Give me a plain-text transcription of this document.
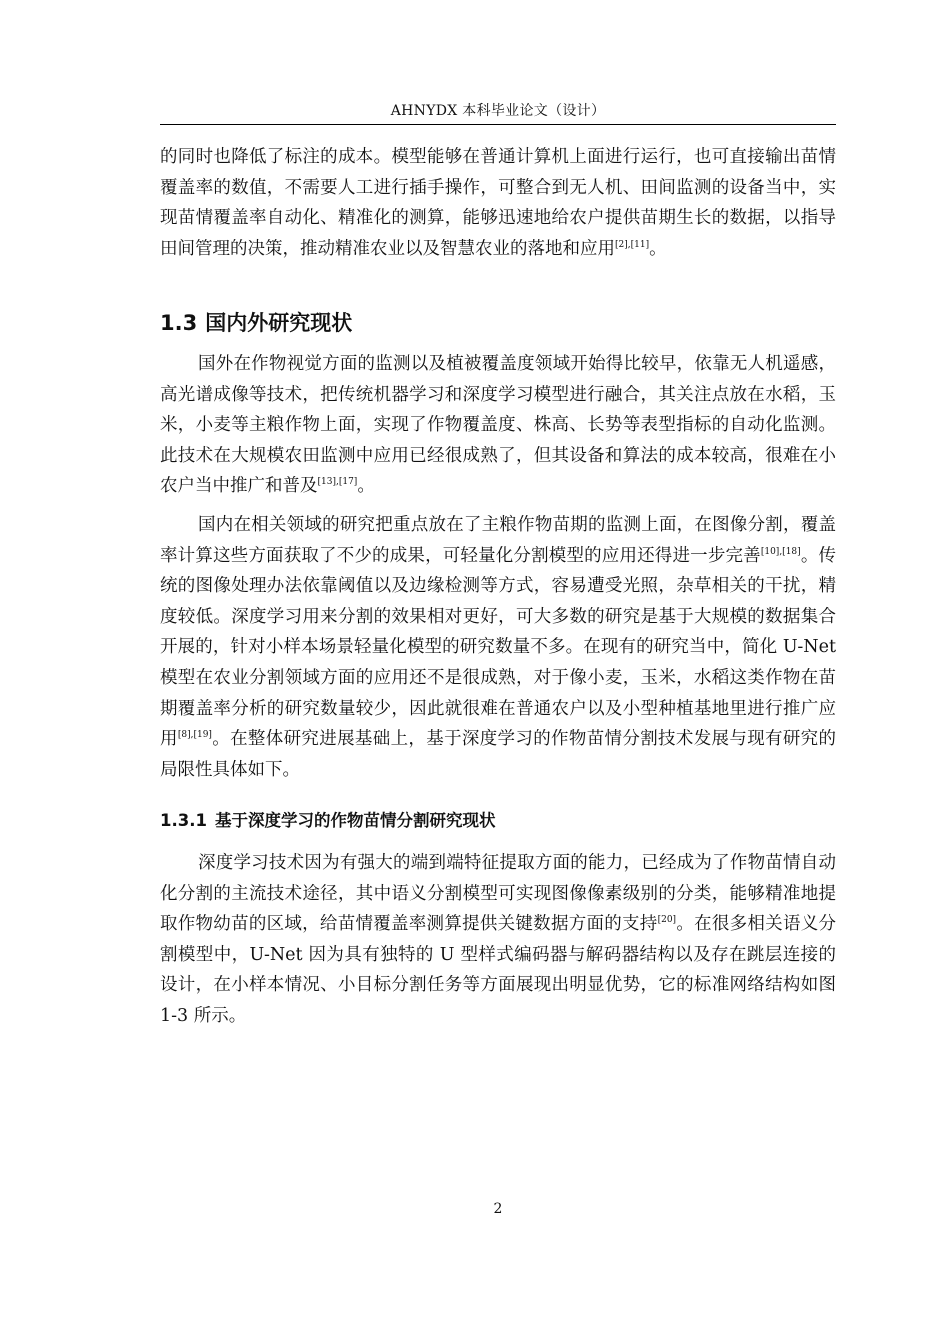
AHNYDX 本科毕业论文（设计）

的同时也降低了标注的成本。模型能够在普通计算机上面进行运行，也可直接输出苗情覆盖率的数值，不需要人工进行插手操作，可整合到无人机、田间监测的设备当中，实现苗情覆盖率自动化、精准化的测算，能够迅速地给农户提供苗期生长的数据，以指导田间管理的决策，推动精准农业以及智慧农业的落地和应用[2],[11]。

1.3 国内外研究现状

国外在作物视觉方面的监测以及植被覆盖度领域开始得比较早，依靠无人机遥感，高光谱成像等技术，把传统机器学习和深度学习模型进行融合，其关注点放在水稻，玉米，小麦等主粮作物上面，实现了作物覆盖度、株高、长势等表型指标的自动化监测。此技术在大规模农田监测中应用已经很成熟了，但其设备和算法的成本较高，很难在小农户当中推广和普及[13],[17]。

国内在相关领域的研究把重点放在了主粮作物苗期的监测上面，在图像分割，覆盖率计算这些方面获取了不少的成果，可轻量化分割模型的应用还得进一步完善[10],[18]。传统的图像处理办法依靠阈值以及边缘检测等方式，容易遭受光照，杂草相关的干扰，精度较低。深度学习用来分割的效果相对更好，可大多数的研究是基于大规模的数据集合开展的，针对小样本场景轻量化模型的研究数量不多。在现有的研究当中，简化 U-Net 模型在农业分割领域方面的应用还不是很成熟，对于像小麦，玉米，水稻这类作物在苗期覆盖率分析的研究数量较少，因此就很难在普通农户以及小型种植基地里进行推广应用[8],[19]。在整体研究进展基础上，基于深度学习的作物苗情分割技术发展与现有研究的局限性具体如下。

1.3.1 基于深度学习的作物苗情分割研究现状

深度学习技术因为有强大的端到端特征提取方面的能力，已经成为了作物苗情自动化分割的主流技术途径，其中语义分割模型可实现图像像素级别的分类，能够精准地提取作物幼苗的区域，给苗情覆盖率测算提供关键数据方面的支持[20]。在很多相关语义分割模型中，U-Net 因为具有独特的 U 型样式编码器与解码器结构以及存在跳层连接的设计，在小样本情况、小目标分割任务等方面展现出明显优势，它的标准网络结构如图 1-3 所示。

2
